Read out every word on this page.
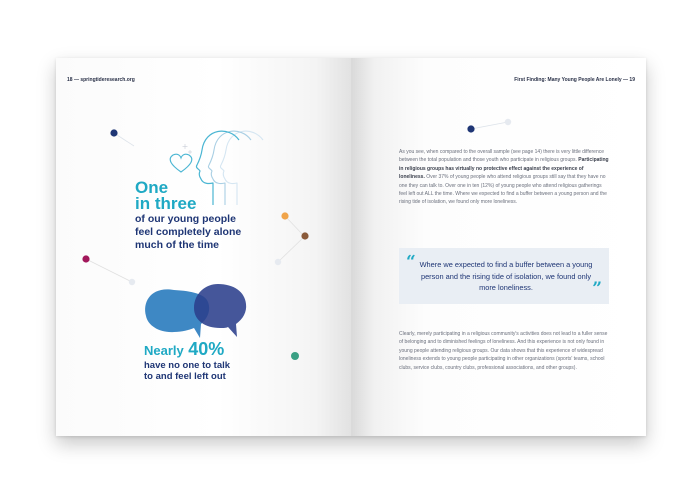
18 — springtideresearch.org
One
in three
of our young people
feel completely alone
much of the time
Nearly 40%
have no one to talk
to and feel left out
First Finding: Many Young People Are Lonely — 19

As you see, when compared to the overall sample (see page 14) there is very little difference between the total population and those youth who participate in religious groups. Participating in religious groups has virtually no protective effect against the experience of loneliness. Over 37% of young people who attend religious groups still say that they have no one they can talk to. Over one in ten (12%) of young people who attend religious gatherings feel left out ALL the time. Where we expected to find a buffer between a young person and the rising tide of isolation, we found only more loneliness.

“ Where we expected to find a buffer between a young person and the rising tide of isolation, we found only more loneliness.	”

Clearly, merely participating in a religious community's activities does not lead to a fuller sense of belonging and to diminished feelings of loneliness. And this experience is not only found in young people attending religious groups. Our data shows that this experience of widespread loneliness extends to young people participating in other organizations (sports' teams, school clubs, service clubs, country clubs, professional associations, and other groups).
